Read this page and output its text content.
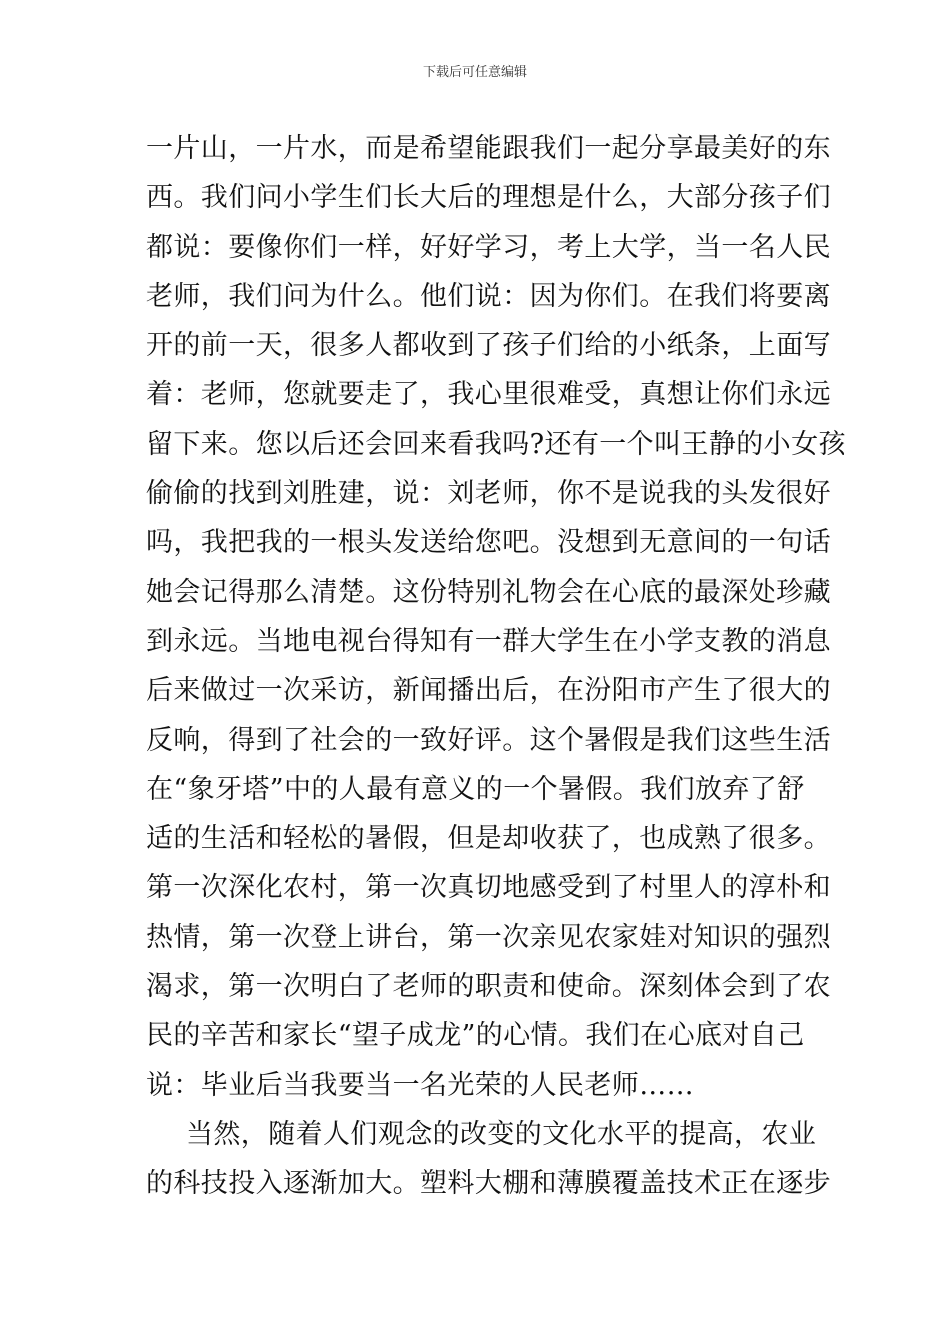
下载后可任意编辑
一片山，一片水，而是希望能跟我们一起分享最美好的东
西。我们问小学生们长大后的理想是什么，大部分孩子们
都说：要像你们一样，好好学习，考上大学，当一名人民
老师，我们问为什么。他们说：因为你们。在我们将要离
开的前一天，很多人都收到了孩子们给的小纸条，上面写
着：老师，您就要走了，我心里很难受，真想让你们永远
留下来。您以后还会回来看我吗?还有一个叫王静的小女孩
偷偷的找到刘胜建，说：刘老师，你不是说我的头发很好
吗，我把我的一根头发送给您吧。没想到无意间的一句话
她会记得那么清楚。这份特别礼物会在心底的最深处珍藏
到永远。当地电视台得知有一群大学生在小学支教的消息
后来做过一次采访，新闻播出后，在汾阳市产生了很大的
反响，得到了社会的一致好评。这个暑假是我们这些生活
在“象牙塔”中的人最有意义的一个暑假。我们放弃了舒
适的生活和轻松的暑假，但是却收获了，也成熟了很多。
第一次深化农村，第一次真切地感受到了村里人的淳朴和
热情，第一次登上讲台，第一次亲见农家娃对知识的强烈
渴求，第一次明白了老师的职责和使命。深刻体会到了农
民的辛苦和家长“望子成龙”的心情。我们在心底对自己
说：毕业后当我要当一名光荣的人民老师……
当然，随着人们观念的改变的文化水平的提高，农业
的科技投入逐渐加大。塑料大棚和薄膜覆盖技术正在逐步
